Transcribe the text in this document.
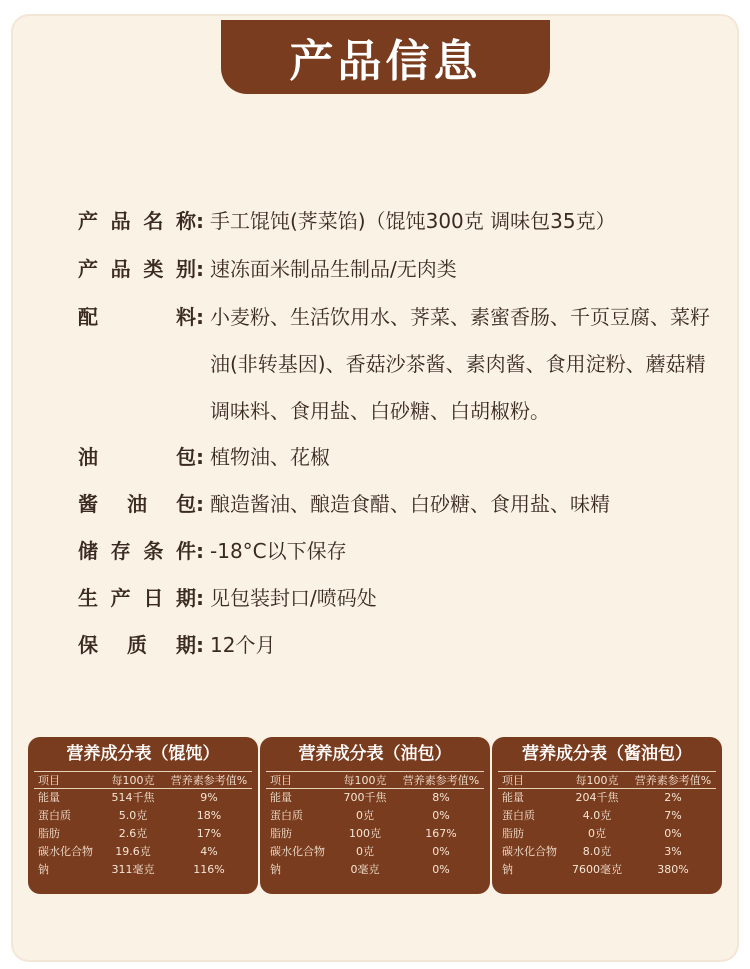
产品信息
产 品 名 称 : 手工馄饨(荠菜馅)（馄饨300克 调味包35克）
产 品 类 别 : 速冻面米制品生制品/无肉类
配	料 : 小麦粉、生活饮用水、荠菜、素蜜香肠、千页豆腐、菜籽油(非转基因)、香菇沙茶酱、素肉酱、食用淀粉、蘑菇精调味料、食用盐、白砂糖、白胡椒粉。
油	包 : 植物油、花椒
酱 油 包 : 酿造酱油、酿造食醋、白砂糖、食用盐、味精
储 存 条 件 : -18°C以下保存
生 产 日 期 : 见包装封口/喷码处
保 质 期 : 12个月
营养成分表（馄饨）
项目	每100克	营养素参考值%
能量	514千焦	9%
蛋白质	5.0克	18%
脂肪	2.6克	17%
碳水化合物	19.6克	4%
钠	311毫克	116%
营养成分表（油包）
项目	每100克	营养素参考值%
能量	700千焦	8%
蛋白质	0克	0%
脂肪	100克	167%
碳水化合物	0克	0%
钠	0毫克	0%
营养成分表（酱油包）
项目	每100克	营养素参考值%
能量	204千焦	2%
蛋白质	4.0克	7%
脂肪	0克	0%
碳水化合物	8.0克	3%
钠	7600毫克	380%
